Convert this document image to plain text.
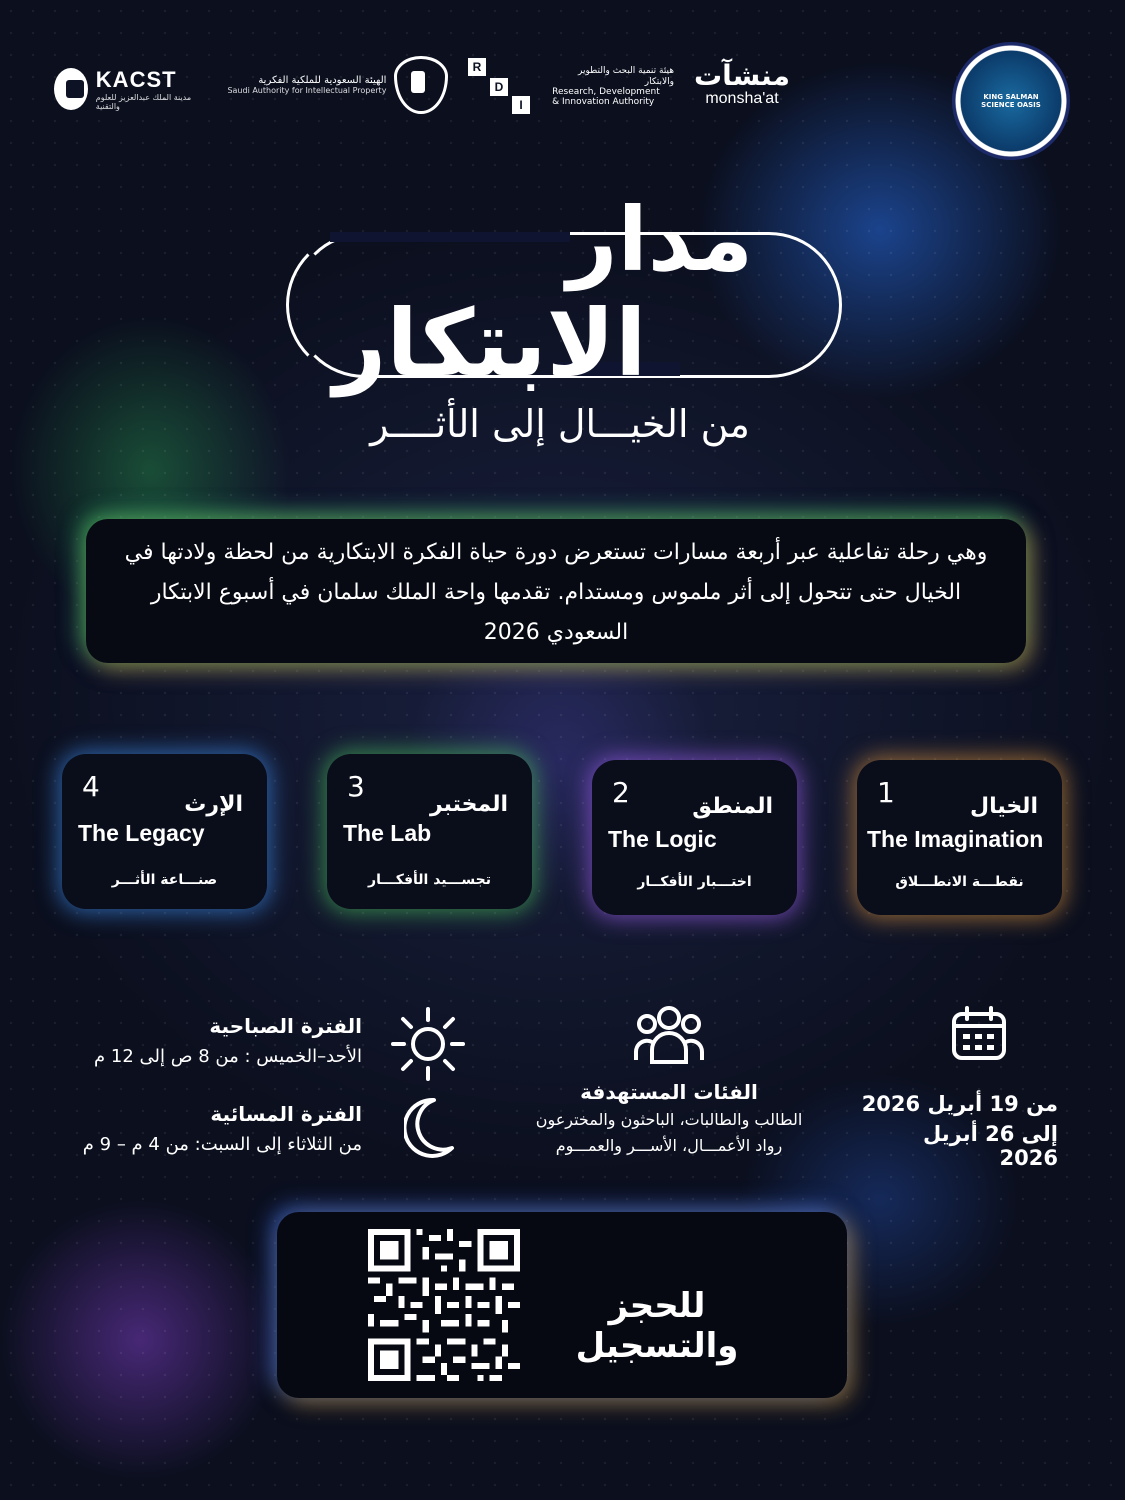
KACST
مدينة الملك عبدالعزيز للعلوم والتقنية
الهيئة السعودية للملكية الفكرية
Saudi Authority for Intellectual Property
R
D
I
هيئة تنمية البحث والتطوير والابتكار
Research, Development
& Innovation Authority
منشآت
monsha'at	KING SALMAN SCIENCE OASIS
مدار
الابتكار
من الخيـــال إلى الأثــــر
وهي رحلة تفاعلية عبر أربعة مسارات تستعرض دورة حياة الفكرة الابتكارية من لحظة ولادتها في الخيال حتى تتحول إلى أثر ملموس ومستدام. تقدمها واحة الملك سلمان في أسبوع الابتكار السعودي 2026
1	الخيال
The Imagination
نقطـــة الانطـــلاق
2	المنطق
The Logic
اختـــبار الأفكــار
3
المختبر
The Lab
تجســـيد الأفكـــار
4
الإرث
The Legacy
صنـــاعة الأثـــر
من 19 أبريل 2026
إلى 26 أبريل 2026
الفئات المستهدفة
الطالب والطالبات، الباحثون والمخترعون
رواد الأعمـــال، الأســـر والعمـــوم
الفترة الصباحية
الأحد–الخميس : من 8 ص إلى 12 م
الفترة المسائية
من الثلاثاء إلى السبت: من 4 م – 9 م
للحجز والتسجيل
